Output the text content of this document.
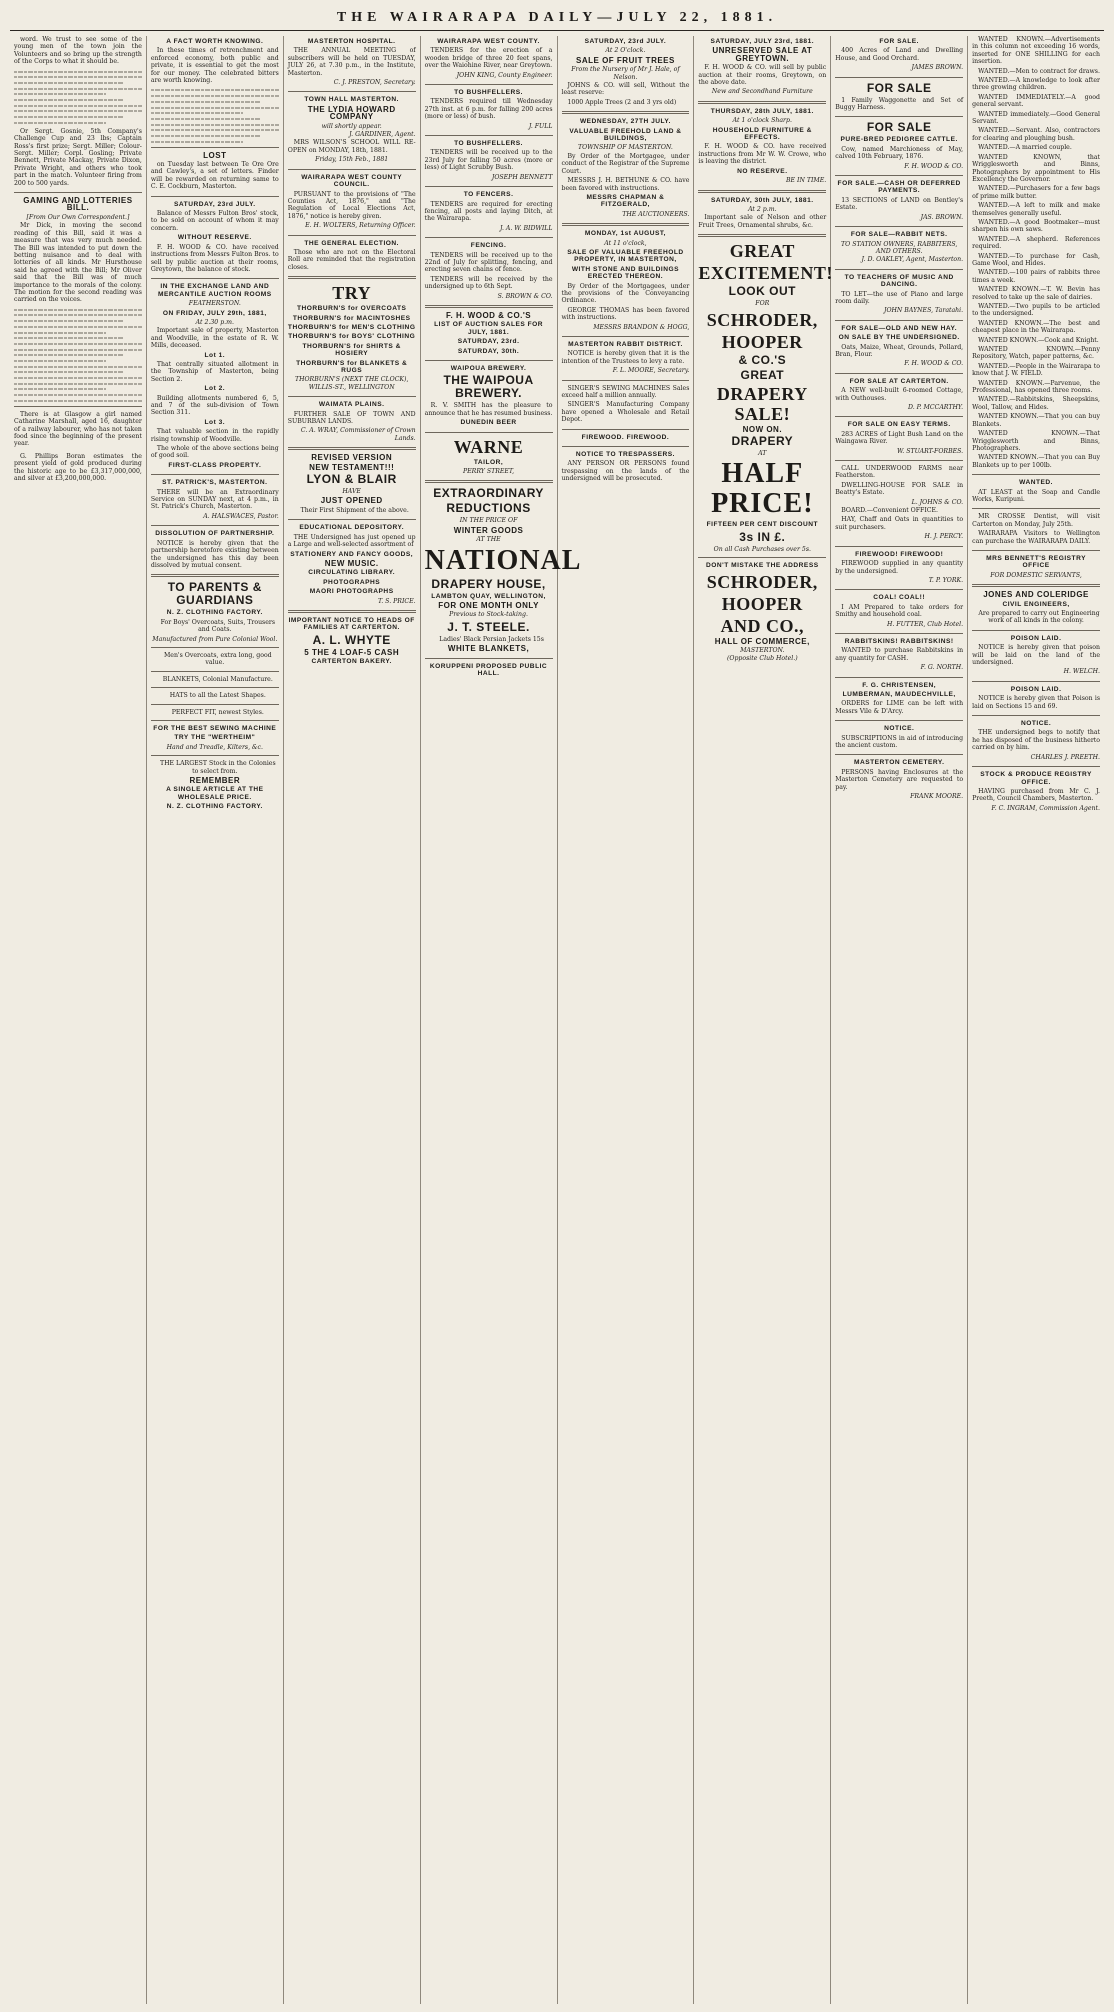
THE WAIRARAPA DAILY—JULY 22, 1881.

word. We trust to see some of the young men of the town join the Volunteers and so bring up the strength of the Corps to what it should be.

Or Sergt. Gosnie, 5th Company's Challenge Cup and 23 lbs; Captain Ross's first prize; Sergt. Miller; Colour-Sergt. Miller; Corpl. Gosling; Private Bennett, Private Mackay, Private Dixon, Private Wright, and others who took part in the match. Volunteer firing from 200 to 500 yards.

GAMING AND LOTTERIES BILL.
[From Our Own Correspondent.]

Mr Dick, in moving the second reading of this Bill, said it was a measure that was very much needed. The Bill was intended to put down the betting nuisance and to deal with lotteries of all kinds. Mr Hursthouse said he agreed with the Bill; Mr Oliver said that the Bill was of much importance to the morals of the colony. The motion for the second reading was carried on the voices.

There is at Glasgow a girl named Catharine Marshall, aged 16, daughter of a railway labourer, who has not taken food since the beginning of the present year.

G. Phillips Boran estimates the present yield of gold produced during the historic age to be £3,317,000,000, and silver at £3,200,000,000.

A FACT WORTH KNOWING.

In these times of retrenchment and enforced economy, both public and private, it is essential to get the most for our money. The celebrated bitters are worth knowing.

LOST

on Tuesday last between Te Ore Ore and Cawley's, a set of letters. Finder will be rewarded on returning same to C. E. Cockburn, Masterton.

SATURDAY, 23rd JULY.

Balance of Messrs Fulton Bros' stock, to be sold on account of whom it may concern.

WITHOUT RESERVE.

F. H. WOOD & CO. have received instructions from Messrs Fulton Bros. to sell by public auction at their rooms, Greytown, the balance of stock.

IN THE EXCHANGE LAND AND MERCANTILE AUCTION ROOMS
FEATHERSTON.
ON FRIDAY, JULY 29th, 1881,
At 2.30 p.m.

Important sale of property, Masterton and Woodville, in the estate of R. W. Mills, deceased.

Lot 1.

That centrally situated allotment in the Township of Masterton, being Section 2.

Lot 2.

Building allotments numbered 6, 5, and 7 of the sub-division of Town Section 311.

Lot 3.

That valuable section in the rapidly rising township of Woodville.

The whole of the above sections being of good soil.

FIRST-CLASS PROPERTY.
ST. PATRICK'S, MASTERTON.

THERE will be an Extraordinary Service on SUNDAY next, at 4 p.m., in St. Patrick's Church, Masterton.

A. HALSWACES, Pastor.
DISSOLUTION OF PARTNERSHIP.

NOTICE is hereby given that the partnership heretofore existing between the undersigned has this day been dissolved by mutual consent.

TO PARENTS & GUARDIANS
N. Z. CLOTHING FACTORY.

For Boys' Overcoats, Suits, Trousers and Coats.

Manufactured from Pure Colonial Wool.

Men's Overcoats, extra long, good value.

BLANKETS, Colonial Manufacture.

HATS to all the Latest Shapes.

PERFECT FIT, newest Styles.

FOR THE BEST SEWING MACHINE
TRY THE "WERTHEIM"
Hand and Treadle, Kilters, &c.

THE LARGEST Stock in the Colonies to select from.

REMEMBER
A SINGLE ARTICLE AT THE WHOLESALE PRICE.
N. Z. CLOTHING FACTORY.
MASTERTON HOSPITAL.

THE ANNUAL MEETING of subscribers will be held on TUESDAY, JULY 26, at 7.30 p.m., in the Institute, Masterton.

C. J. PRESTON, Secretary.
TOWN HALL MASTERTON.
THE LYDIA HOWARD COMPANY
will shortly appear.
J. GARDINER, Agent.

MRS WILSON'S SCHOOL WILL RE-OPEN on MONDAY, 18th, 1881.

Friday, 15th Feb., 1881
WAIRARAPA WEST COUNTY COUNCIL.

PURSUANT to the provisions of "The Counties Act, 1876," and "The Regulation of Local Elections Act, 1876," notice is hereby given.

E. H. WOLTERS, Returning Officer.
THE GENERAL ELECTION.

Those who are not on the Electoral Roll are reminded that the registration closes.

TRY
THORBURN'S for OVERCOATS
THORBURN'S for MACINTOSHES
THORBURN'S for MEN'S CLOTHING
THORBURN'S for BOYS' CLOTHING
THORBURN'S for SHIRTS & HOSIERY
THORBURN'S for BLANKETS & RUGS
THORBURN'S (NEXT THE CLOCK), WILLIS-ST., WELLINGTON
WAIMATA PLAINS.

FURTHER SALE OF TOWN AND SUBURBAN LANDS.

C. A. WRAY, Commissioner of Crown Lands.
REVISED VERSION
NEW TESTAMENT!!!
LYON & BLAIR
HAVE
JUST OPENED

Their First Shipment of the above.

EDUCATIONAL DEPOSITORY.

THE Undersigned has just opened up a Large and well-selected assortment of

STATIONERY AND FANCY GOODS,
NEW MUSIC.
CIRCULATING LIBRARY.
PHOTOGRAPHS
MAORI PHOTOGRAPHS
T. S. PRICE.
IMPORTANT NOTICE TO HEADS OF FAMILIES AT CARTERTON.
A. L. WHYTE
5 THE 4 LOAF-5 CASH
CARTERTON BAKERY.
WAIRARAPA WEST COUNTY.

TENDERS for the erection of a wooden bridge of three 20 feet spans, over the Waiohine River, near Greytown.

JOHN KING, County Engineer.
TO BUSHFELLERS.

TENDERS required till Wednesday 27th inst. at 6 p.m. for falling 200 acres (more or less) of bush.

J. FULL
TO BUSHFELLERS.

TENDERS will be received up to the 23rd July for falling 50 acres (more or less) of Light Scrubby Bush.

JOSEPH BENNETT
TO FENCERS.

TENDERS are required for erecting fencing, all posts and laying Ditch, at the Wairarapa.

J. A. W. BIDWILL
FENCING.

TENDERS will be received up to the 22nd of July for splitting, fencing, and erecting seven chains of fence.

TENDERS will be received by the undersigned up to 6th Sept.

S. BROWN & CO.
F. H. WOOD & CO.'S
LIST OF AUCTION SALES FOR JULY, 1881.
SATURDAY, 23rd.
SATURDAY, 30th.
WAIPOUA BREWERY.
THE WAIPOUA BREWERY.

R. V. SMITH has the pleasure to announce that he has resumed business.

DUNEDIN BEER
WARNE
TAILOR,
PERRY STREET,
EXTRAORDINARY
REDUCTIONS
IN THE PRICE OF
WINTER GOODS
AT THE
NATIONAL
DRAPERY HOUSE,
LAMBTON QUAY, WELLINGTON,
FOR ONE MONTH ONLY
Previous to Stock-taking.
J. T. STEELE.

Ladies' Black Persian Jackets 15s

WHITE BLANKETS,
KORUPPENI PROPOSED PUBLIC HALL.
SATURDAY, 23rd JULY.
At 2 O'clock.
SALE OF FRUIT TREES
From the Nursery of Mr J. Hale, of Nelson.

JOHNS & CO. will sell, Without the least reserve:

1000 Apple Trees (2 and 3 yrs old)

WEDNESDAY, 27TH JULY.
VALUABLE FREEHOLD LAND & BUILDINGS,
TOWNSHIP OF MASTERTON.

By Order of the Mortgagee, under conduct of the Registrar of the Supreme Court.

MESSRS J. H. BETHUNE & CO. have been favored with instructions.

MESSRS CHAPMAN & FITZGERALD,
THE AUCTIONEERS.
MONDAY, 1st AUGUST,
At 11 o'clock,
SALE OF VALUABLE FREEHOLD PROPERTY, IN MASTERTON,
WITH STONE AND BUILDINGS ERECTED THEREON.

By Order of the Mortgagees, under the provisions of the Conveyancing Ordinance.

GEORGE THOMAS has been favored with instructions.

MESSRS BRANDON & HOGG,
MASTERTON RABBIT DISTRICT.

NOTICE is hereby given that it is the intention of the Trustees to levy a rate.

F. L. MOORE, Secretary.

SINGER'S SEWING MACHINES Sales exceed half a million annually.

SINGER'S Manufacturing Company have opened a Wholesale and Retail Depot.

FIREWOOD. FIREWOOD.
NOTICE TO TRESPASSERS.

ANY PERSON OR PERSONS found trespassing on the lands of the undersigned will be prosecuted.

SATURDAY, JULY 23rd, 1881.
UNRESERVED SALE AT GREYTOWN.

F. H. WOOD & CO. will sell by public auction at their rooms, Greytown, on the above date.

New and Secondhand Furniture
THURSDAY, 28th JULY, 1881.
At 1 o'clock Sharp.
HOUSEHOLD FURNITURE & EFFECTS.

F. H. WOOD & CO. have received instructions from Mr W. W. Crowe, who is leaving the district.

NO RESERVE.
BE IN TIME.
SATURDAY, 30th JULY, 1881.
At 2 p.m.

Important sale of Nelson and other Fruit Trees, Ornamental shrubs, &c.

GREAT
EXCITEMENT!
LOOK OUT
FOR
SCHRODER,
HOOPER
& CO.'S
GREAT
DRAPERY SALE!
NOW ON.
DRAPERY
AT
HALF PRICE!
FIFTEEN PER CENT DISCOUNT
3s IN £.
On all Cash Purchases over 5s.
DON'T MISTAKE THE ADDRESS
SCHRODER,
HOOPER
AND CO.,
HALL OF COMMERCE,
MASTERTON.
(Opposite Club Hotel.)
FOR SALE.

400 Acres of Land and Dwelling House, and Good Orchard.

JAMES BROWN.
FOR SALE

1 Family Waggonette and Set of Buggy Harness.

FOR SALE
PURE-BRED PEDIGREE CATTLE.

Cow, named Marchioness of May, calved 10th February, 1876.

F. H. WOOD & CO.
FOR SALE.—CASH OR DEFERRED PAYMENTS.

13 SECTIONS of LAND on Bentley's Estate.

JAS. BROWN.
FOR SALE—RABBIT NETS.
TO STATION OWNERS, RABBITERS, AND OTHERS.
J. D. OAKLEY, Agent, Masterton.
TO TEACHERS OF MUSIC AND DANCING.

TO LET—the use of Piano and large room daily.

JOHN BAYNES, Taratahi.
FOR SALE—OLD AND NEW HAY.
ON SALE BY THE UNDERSIGNED.

Oats, Maize, Wheat, Grounds, Pollard, Bran, Flour.

F. H. WOOD & CO.
FOR SALE AT CARTERTON.

A NEW well-built 6-roomed Cottage, with Outhouses.

D. P. MCCARTHY.
FOR SALE ON EASY TERMS.

283 ACRES of Light Bush Land on the Waingawa River.

W. STUART-FORBES.

CALL UNDERWOOD FARMS near Featherston.

DWELLING-HOUSE FOR SALE in Beatty's Estate.

L. JOHNS & CO.

BOARD.—Convenient OFFICE.

HAY, Chaff and Oats in quantities to suit purchasers.

H. J. PERCY.
FIREWOOD! FIREWOOD!

FIREWOOD supplied in any quantity by the undersigned.

T. P. YORK.
COAL! COAL!!

I AM Prepared to take orders for Smithy and household coal.

H. FUTTER, Club Hotel.
RABBITSKINS! RABBITSKINS!

WANTED to purchase Rabbitskins in any quantity for CASH.

F. G. NORTH.
F. G. CHRISTENSEN,
LUMBERMAN, MAUDECHVILLE,

ORDERS for LIME can be left with Messrs Vile & D'Arcy.

NOTICE.

SUBSCRIPTIONS in aid of introducing the ancient custom.

MASTERTON CEMETERY.

PERSONS having Enclosures at the Masterton Cemetery are requested to pay.

FRANK MOORE.

WANTED KNOWN.—Advertisements in this column not exceeding 16 words, inserted for ONE SHILLING for each insertion.

WANTED.—Men to contract for draws.

WANTED.—A knowledge to look after three growing children.

WANTED IMMEDIATELY.—A good general servant.

WANTED immediately.—Good General Servant.

WANTED.—Servant. Also, contractors for clearing and ploughing bush.

WANTED.—A married couple.

WANTED KNOWN, that Wrigglesworth and Binns, Photographers by appointment to His Excellency the Governor.

WANTED.—Purchasers for a few bags of prime milk butter.

WANTED.—A left to milk and make themselves generally useful.

WANTED.—A good Bootmaker—must sharpen his own saws.

WANTED.—A shepherd. References required.

WANTED.—To purchase for Cash, Game Wool, and Hides.

WANTED.—100 pairs of rabbits three times a week.

WANTED KNOWN.—T. W. Bevin has resolved to take up the sale of dairies.

WANTED.—Two pupils to be articled to the undersigned.

WANTED KNOWN.—The best and cheapest place in the Wairarapa.

WANTED KNOWN.—Cook and Knight.

WANTED KNOWN.—Penny Repository, Watch, paper patterns, &c.

WANTED.—People in the Wairarapa to know that J. W. FIELD.

WANTED KNOWN.—Parvenue, the Professional, has opened three rooms.

WANTED.—Rabbitskins, Sheepskins, Wool, Tallow, and Hides.

WANTED KNOWN.—That you can buy Blankets.

WANTED KNOWN.—That Wrigglesworth and Binns, Photographers.

WANTED KNOWN.—That you can Buy Blankets up to per 100lb.

WANTED.

AT LEAST at the Soap and Candle Works, Kuripuni.

MR CROSSE Dentist, will visit Carterton on Monday, July 25th.

WAIRARAPA Visitors to Wellington can purchase the WAIRARAPA DAILY.

MRS BENNETT'S REGISTRY OFFICE
FOR DOMESTIC SERVANTS,
JONES AND COLERIDGE
CIVIL ENGINEERS,

Are prepared to carry out Engineering work of all kinds in the colony.

POISON LAID.

NOTICE is hereby given that poison will be laid on the land of the undersigned.

H. WELCH.
POISON LAID.

NOTICE is hereby given that Poison is laid on Sections 15 and 69.

NOTICE.

THE undersigned begs to notify that he has disposed of the business hitherto carried on by him.

CHARLES J. PREETH.
STOCK & PRODUCE REGISTRY OFFICE.

HAVING purchased from Mr C. J. Preeth, Council Chambers, Masterton.

F. C. INGRAM, Commission Agent.
